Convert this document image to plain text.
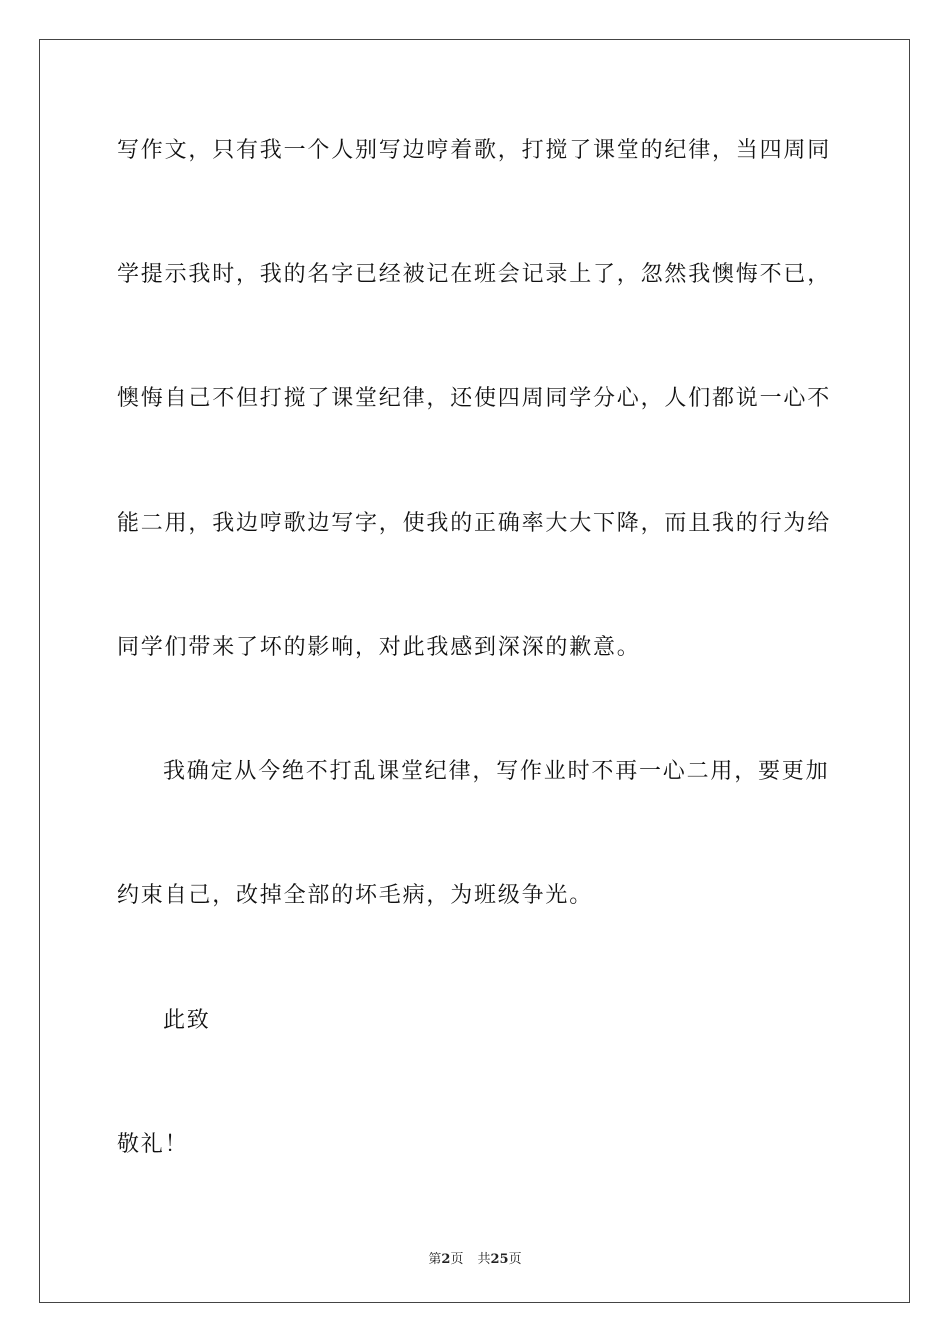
写作文，只有我一个人别写边哼着歌，打搅了课堂的纪律，当四周同
学提示我时，我的名字已经被记在班会记录上了，忽然我懊悔不已，
懊悔自己不但打搅了课堂纪律，还使四周同学分心，人们都说一心不
能二用，我边哼歌边写字，使我的正确率大大下降，而且我的行为给
同学们带来了坏的影响，对此我感到深深的歉意。
我确定从今绝不打乱课堂纪律，写作业时不再一心二用，要更加
约束自己，改掉全部的坏毛病，为班级争光。
此致
敬礼！
第2页 共25页
